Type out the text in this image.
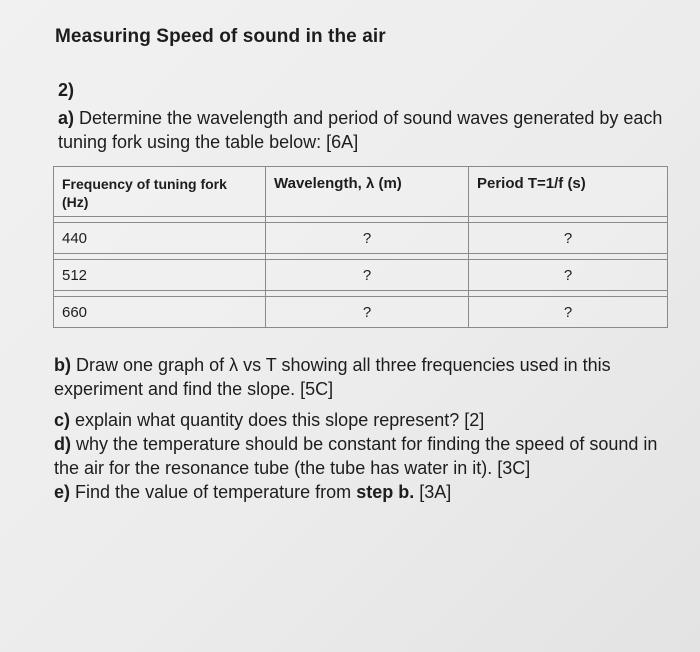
Measuring Speed of sound in the air
2)
a) Determine the wavelength and period of sound waves generated by each tuning fork using the table below: [6A]
Frequency of tuning fork (Hz)	Wavelength, λ (m)	Period T=1/f (s)

440	?	?

512	?	?

660	?	?

b) Draw one graph of λ vs T showing all three frequencies used in this experiment and find the slope. [5C]

c) explain what quantity does this slope represent? [2]

d) why the temperature should be constant for finding the speed of sound in the air for the resonance tube (the tube has water in it). [3C]

e) Find the value of temperature from step b. [3A]
